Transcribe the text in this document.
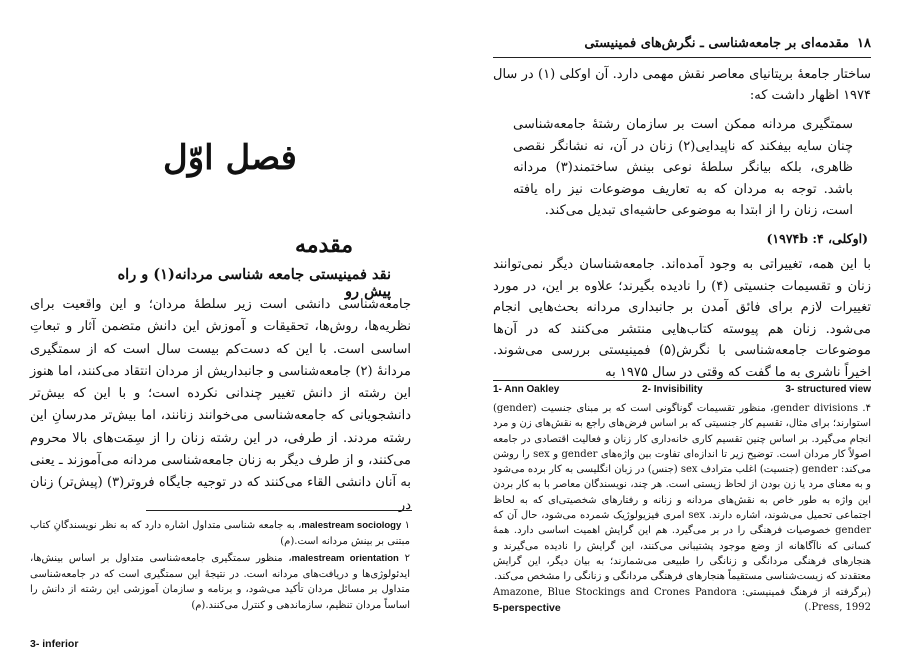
فصل اوّل
مقدمه
نقد فمینیستی جامعه شناسی مردانه(۱) و راه پیش رو

جامعه‌شناسی دانشی است زیر سلطهٔ مردان؛ و این واقعیت برای نظریه‌ها، روش‌ها، تحقیقات و آموزش این دانش متضمن آثار و تبعاتِ اساسی است. با این که دست‌کم بیست سال است که از سمتگیری مردانهٔ (۲) جامعه‌شناسی و جانبداریش از مردان انتقاد می‌کنند، اما هنوز این رشته از دانش تغییر چندانی نکرده است؛ و با این که بیش‌تر دانشجویانی که جامعه‌شناسی می‌خوانند زنانند، اما بیش‌تر مدرسانِ این رشته مردند. از طرفی، در این رشته زنان را از سِمَت‌های بالا محروم می‌کنند، و از طرف دیگر به زنان جامعه‌شناسی مردانه می‌آموزند ـ یعنی به آنان دانشی القاء می‌کنند که در توجیه جایگاه فروتر(۳) (پیش‌تر) زنان در

۱ malestream sociology، به جامعه شناسی متداول اشاره دارد که به نظر نویسندگانِ کتاب مبتنی بر بینش مردانه است.(م)

۲ malestream orientation، منظور سمتگیری جامعه‌شناسی متداول بر اساس بینش‌ها، ایدئولوژی‌ها و دریافت‌های مردانه است. در نتیجهٔ این سمتگیری است که در جامعه‌شناسی متداول بر مسائل مردان تأکید می‌شود، و برنامه و سازمان آموزشی این رشته از دانش را اساساً مردان تنظیم، سازماندهی و کنترل می‌کنند.(م)

3- inferior
۱۸
مقدمه‌ای بر جامعه‌شناسی ـ نگرش‌های فمینیستی

ساختار جامعهٔ بریتانیای معاصر نقش مهمی دارد. آن اوکلی (۱) در سال ۱۹۷۴ اظهار داشت که:

سمتگیری مردانه ممکن است بر سازمان رشتهٔ جامعه‌شناسی چنان سایه بیفکند که ناپیدایی(۲) زنان در آن، نه نشانگر نقصی ظاهری، بلکه بیانگر سلطهٔ نوعی بینش ساختمند(۳) مردانه باشد. توجه به مردان که به تعاریف موضوعات نیز راه یافته است، زنان را از ابتدا به موضوعی حاشیه‌ای تبدیل می‌کند.

(اوکلی، ۱۹۷۴b :۴)

با این همه، تغییراتی به وجود آمده‌اند. جامعه‌شناسان دیگر نمی‌توانند زنان و تقسیمات جنسیتی (۴) را نادیده بگیرند؛ علاوه بر این، در مورد تغییرات لازم برای فائق آمدن بر جانبداری مردانه بحث‌هایی انجام می‌شود. زنان هم پیوسته کتاب‌هایی منتشر می‌کنند که در آن‌ها موضوعات جامعه‌شناسی با نگرش(۵) فمینیستی بررسی می‌شوند. اخیراً ناشری به ما گفت که وقتی در سال ۱۹۷۵ به

1- Ann Oakley	2- Invisibility	3- structured view

۴. gender divisions، منظور تقسیمات گوناگونی است که بر مبنای جنسیت (gender) استوارند؛ برای مثال، تقسیم کار جنسیتی که بر اساس فرض‌های راجع به نقش‌های زن و مرد انجام می‌گیرد. بر اساس چنین تقسیم کاری خانه‌داری کار زنان و فعالیت اقتصادی در جامعه اصولاً کار مردان است. توضیح زیر تا اندازه‌ای تفاوت بین واژه‌های gender و sex را روشن می‌کند: gender (جنسیت) اغلب مترادف sex (جنس) در زبان انگلیسی به کار برده می‌شود و به معنای مرد یا زن بودن از لحاظ زیستی است. هر چند، نویسندگان معاصر با به کار بردن این واژه به طور خاص به نقش‌های مردانه و زنانه و رفتارهای شخصیتی‌ای که به لحاظ اجتماعی تحمیل می‌شوند، اشاره دارند. sex امری فیزیولوژیک شمرده می‌شود، حال آن که gender خصوصیات فرهنگی را در بر می‌گیرد. هم این گرایش اهمیت اساسی دارد. همهٔ کسانی که ناآگاهانه از وضع موجود پشتیبانی می‌کنند، این گرایش را نادیده می‌گیرند و هنجارهای فرهنگی مردانگی و زنانگی را طبیعی می‌شمارند؛ به بیان دیگر، این گرایش معتقدند که زیست‌شناسی مستقیماً هنجارهای فرهنگی مردانگی و زنانگی را مشخص می‌کند.

(برگرفته از فرهنگ فمینیستی: Amazone, Blue Stockings and Crones Pandora Press, 1992.)
5-perspective
